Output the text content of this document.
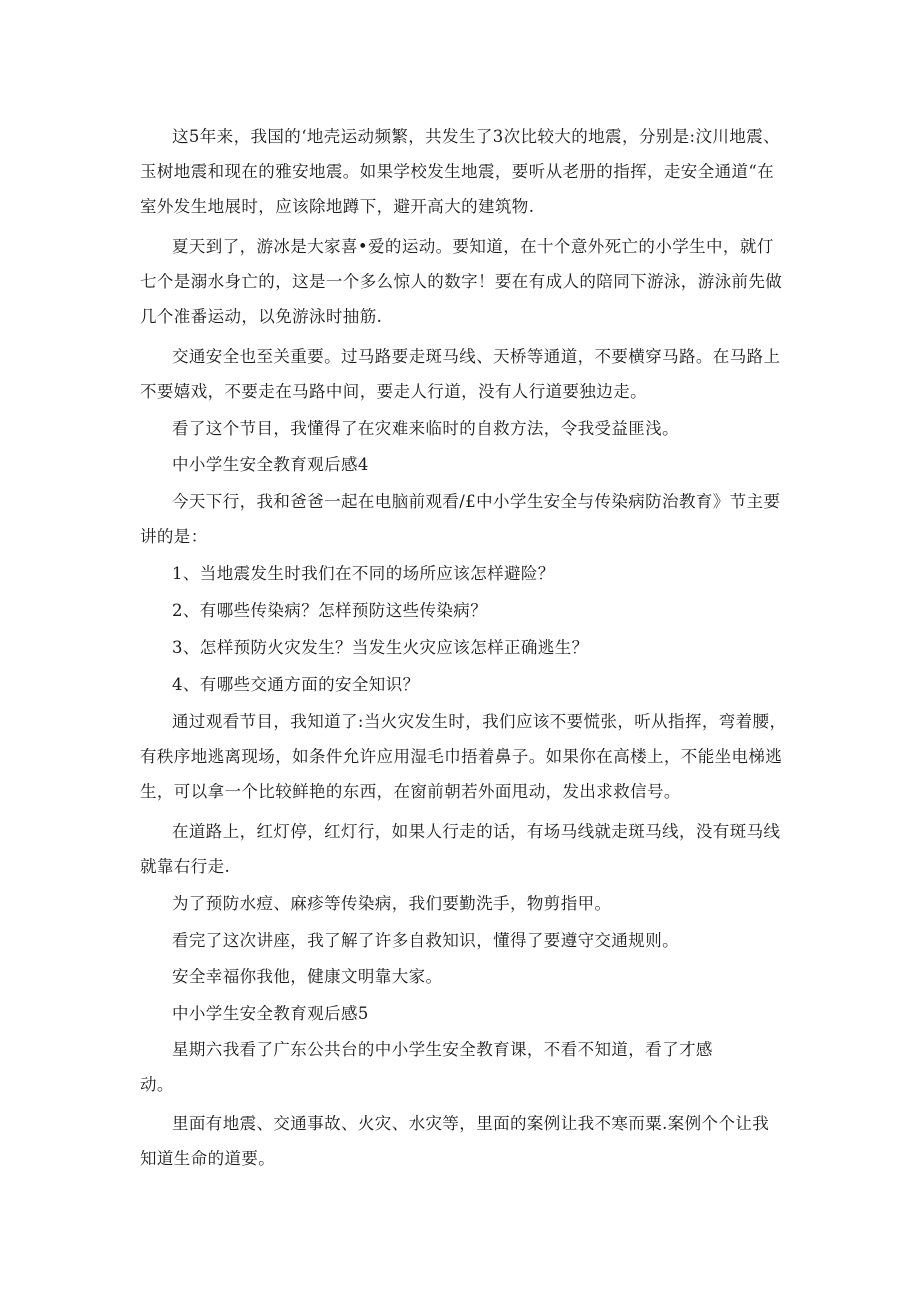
这5年来，我国的‘地壳运动频繁，共发生了3次比较大的地震，分别是:汶川地震、
玉树地震和现在的雅安地震。如果学校发生地震，要听从老册的指挥，走安全通道“在
室外发生地展时，应该除地蹲下，避开高大的建筑物.
夏天到了，游冰是大家喜•爱的运动。要知道，在十个意外死亡的小学生中，就仃
七个是溺水身亡的，这是一个多么惊人的数字！要在有成人的陪同下游泳，游泳前先做
几个准番运动，以免游泳时抽筋.
交通安全也至关重要。过马路要走斑马线、天桥等通道，不要横穿马路。在马路上
不要嬉戏，不要走在马路中间，要走人行道，没有人行道要独边走。
看了这个节目，我懂得了在灾难来临时的自救方法，令我受益匪浅。
中小学生安全教育观后感4
今天下行，我和爸爸一起在电脑前观看/£中小学生安全与传染病防治教育》节主要
讲的是：
1、当地震发生时我们在不同的场所应该怎样避险？
2、有哪些传染病？怎样预防这些传染病？
3、怎样预防火灾发生？当发生火灾应该怎样正确逃生？
4、有哪些交通方面的安全知识？
通过观看节目，我知道了:当火灾发生时，我们应该不要慌张，听从指挥，弯着腰，
有秩序地逃离现场，如条件允许应用湿毛巾捂着鼻子。如果你在高楼上，不能坐电梯逃
生，可以拿一个比较鲜艳的东西，在窗前朝若外面甩动，发出求救信号。
在道路上，红灯停，红灯行，如果人行走的话，有场马线就走斑马线，没有斑马线
就靠右行走.
为了预防水痘、麻疹等传染病，我们要勤洗手，物剪指甲。
看完了这次讲座，我了解了许多自救知识，懂得了要遵守交通规则。
安全幸福你我他，健康文明靠大家。
中小学生安全教育观后感5
星期六我看了广东公共台的中小学生安全教育课，不看不知道，看了才感
动。
里面有地震、交通事故、火灾、水灾等，里面的案例让我不寒而粟.案例个个让我
知道生命的道要。
